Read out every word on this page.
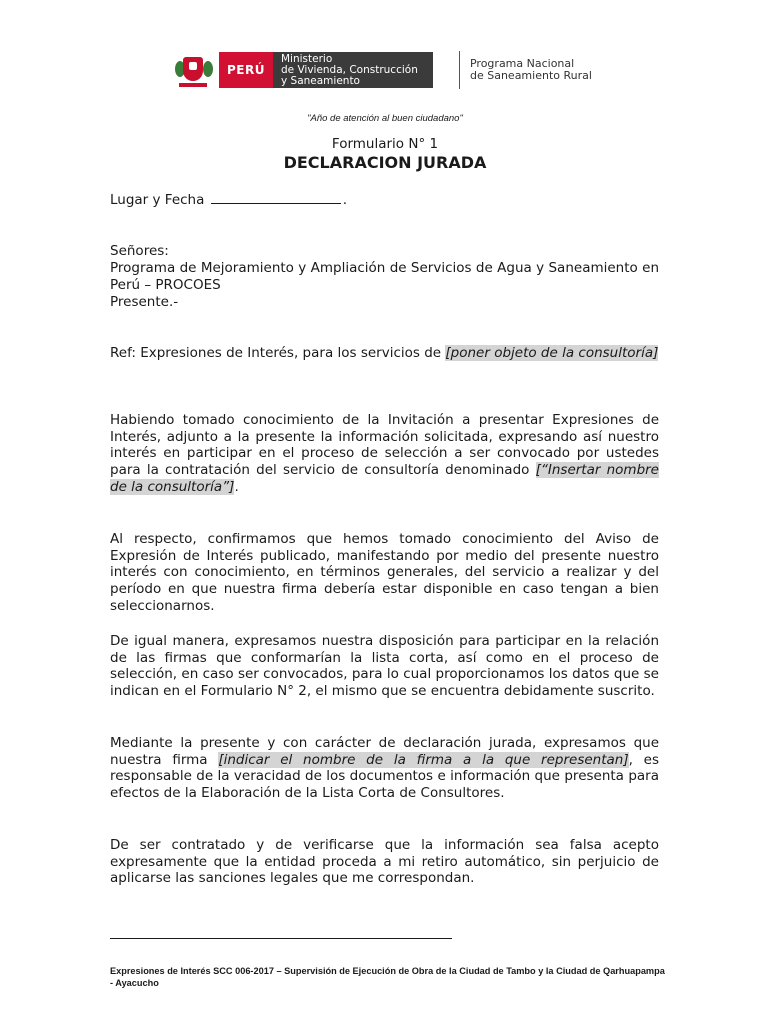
PERÚ
Ministerio
de Vivienda, Construcción
y Saneamiento
Programa Nacional
de Saneamiento Rural
"Año de atención al buen ciudadano"
Formulario N° 1
DECLARACION JURADA
Lugar y Fecha	.
Señores:
Programa de Mejoramiento y Ampliación de Servicios de Agua y Saneamiento en Perú – PROCOES
Presente.-
Ref: Expresiones de Interés, para los servicios de [poner objeto de la consultoría]
Habiendo tomado conocimiento de la Invitación a presentar Expresiones de Interés, adjunto a la presente la información solicitada, expresando así nuestro interés en participar en el proceso de selección a ser convocado por ustedes para la contratación del servicio de consultoría denominado [“Insertar nombre de la consultoría”].
Al respecto, confirmamos que hemos tomado conocimiento del Aviso de Expresión de Interés publicado, manifestando por medio del presente nuestro interés con conocimiento, en términos generales, del servicio a realizar y del período en que nuestra firma debería estar disponible en caso tengan a bien seleccionarnos.
De igual manera, expresamos nuestra disposición para participar en la relación de las firmas que conformarían la lista corta, así como en el proceso de selección, en caso ser convocados, para lo cual proporcionamos los datos que se indican en el Formulario N° 2, el mismo que se encuentra debidamente suscrito.
Mediante la presente y con carácter de declaración jurada, expresamos que nuestra firma [indicar el nombre de la firma a la que representan], es responsable de la veracidad de los documentos e información que presenta para efectos de la Elaboración de la Lista Corta de Consultores.
De ser contratado y de verificarse que la información sea falsa acepto expresamente que la entidad proceda a mi retiro automático, sin perjuicio de aplicarse las sanciones legales que me correspondan.
Expresiones de Interés SCC 006-2017 – Supervisión de Ejecución de Obra de la Ciudad de Tambo y la Ciudad de Qarhuapampa - Ayacucho
